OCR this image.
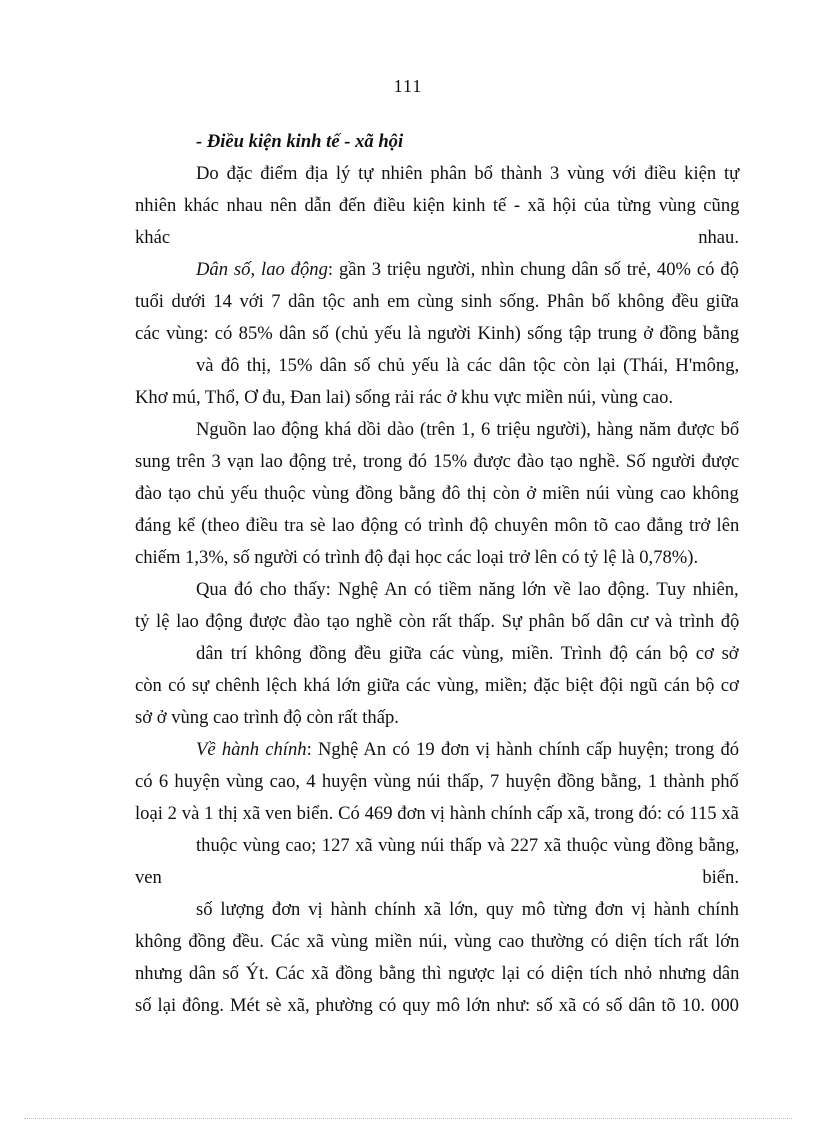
111
- Điều kiện kinh tế - xã hội
Do đặc điểm địa lý tự nhiên phân bổ thành 3 vùng với điều kiện tự
nhiên khác nhau nên dẫn đến điều kiện kinh tế - xã hội của từng vùng cũng
khác	nhau.
Dân số, lao động: gần 3 triệu người, nhìn chung dân số trẻ, 40% có độ
tuổi dưới 14 với 7 dân tộc anh em cùng sinh sống. Phân bố không đều giữa
các vùng: có 85% dân số (chủ yếu là người Kinh) sống tập trung ở đồng bằng
và đô thị, 15% dân số chủ yếu là các dân tộc còn lại (Thái, H'mông,
Khơ mú, Thổ, Ơ đu, Đan lai) sống rải rác ở khu vực miền núi, vùng cao.
Nguồn lao động khá dồi dào (trên 1, 6 triệu người), hàng năm được bổ
sung trên 3 vạn lao động trẻ, trong đó 15% được đào tạo nghề. Số người được
đào tạo chủ yếu thuộc vùng đồng bằng đô thị còn ở miền núi vùng cao không
đáng kể (theo điều tra sè lao động có trình độ chuyên môn tõ cao đẳng trở lên
chiếm 1,3%, số người có trình độ đại học các loại trở lên có tỷ lệ là 0,78%).
Qua đó cho thấy: Nghệ An có tiềm năng lớn về lao động. Tuy nhiên,
tỷ lệ lao động được đào tạo nghề còn rất thấp. Sự phân bố dân cư và trình độ
dân trí không đồng đều giữa các vùng, miền. Trình độ cán bộ cơ sở
còn có sự chênh lệch khá lớn giữa các vùng, miền; đặc biệt đội ngũ cán bộ cơ
sở ở vùng cao trình độ còn rất thấp.
Về hành chính: Nghệ An có 19 đơn vị hành chính cấp huyện; trong đó
có 6 huyện vùng cao, 4 huyện vùng núi thấp, 7 huyện đồng bằng, 1 thành phố
loại 2 và 1 thị xã ven biển. Có 469 đơn vị hành chính cấp xã, trong đó: có 115 xã
thuộc vùng cao; 127 xã vùng núi thấp và 227 xã thuộc vùng đồng bằng,
ven	biển.
số lượng đơn vị hành chính xã lớn, quy mô từng đơn vị hành chính
không đồng đều. Các xã vùng miền núi, vùng cao thường có diện tích rất lớn
nhưng dân số Ýt. Các xã đồng bằng thì ngược lại có diện tích nhỏ nhưng dân
số lại đông. Mét sè xã, phường có quy mô lớn như: số xã có số dân tõ 10. 000
